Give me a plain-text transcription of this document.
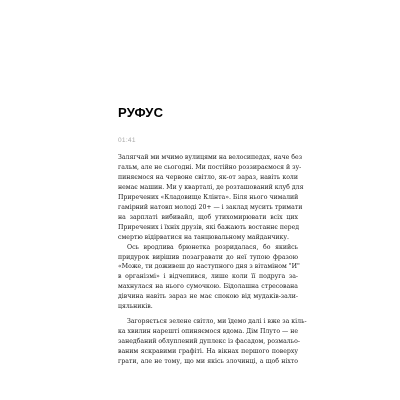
РУФУС
01:41
Залягчай ми мчимо вулицями на велосипедах, наче без
гальм, але не сьогодні. Ми постійно роззираємося й зу-
пиняємося на червоне світло, як-от зараз, навіть коли
немає машин. Ми у кварталі, де розташований клуб для
Приречених «Кладовище Клінта». Біля нього чималий
гамірний натовп молоді 20+ — і заклад мусить тримати
на зарплаті вибивайл, щоб утихомирювати всіх цих
Приречених і їхніх друзів, які бажають востаннє перед
смертю відірватися на танцювальному майданчику.
Ось вродлива брюнетка розридалася, бо якийсь
придурок вирішив позагравати до неї тупою фразою
«Може, ти доживеш до наступного дня з вітаміном "И"
в організмі» і відчепився, лише коли її подруга за-
махнулася на нього сумочкою. Бідолашна стресована
дівчина навіть зараз не має спокою від мудаків-зали-
цяльників.
Загоряється зелене світло, ми їдемо далі і вже за кіль-
ка хвилин нарешті опиняємося вдома. Дім Плуто — не
занедбаний облуплений дуплекс із фасадом, розмальо-
ваним яскравими графіті. На вікнах першого поверху
грати, але не тому, що ми якісь злочинці, а щоб ніхто
